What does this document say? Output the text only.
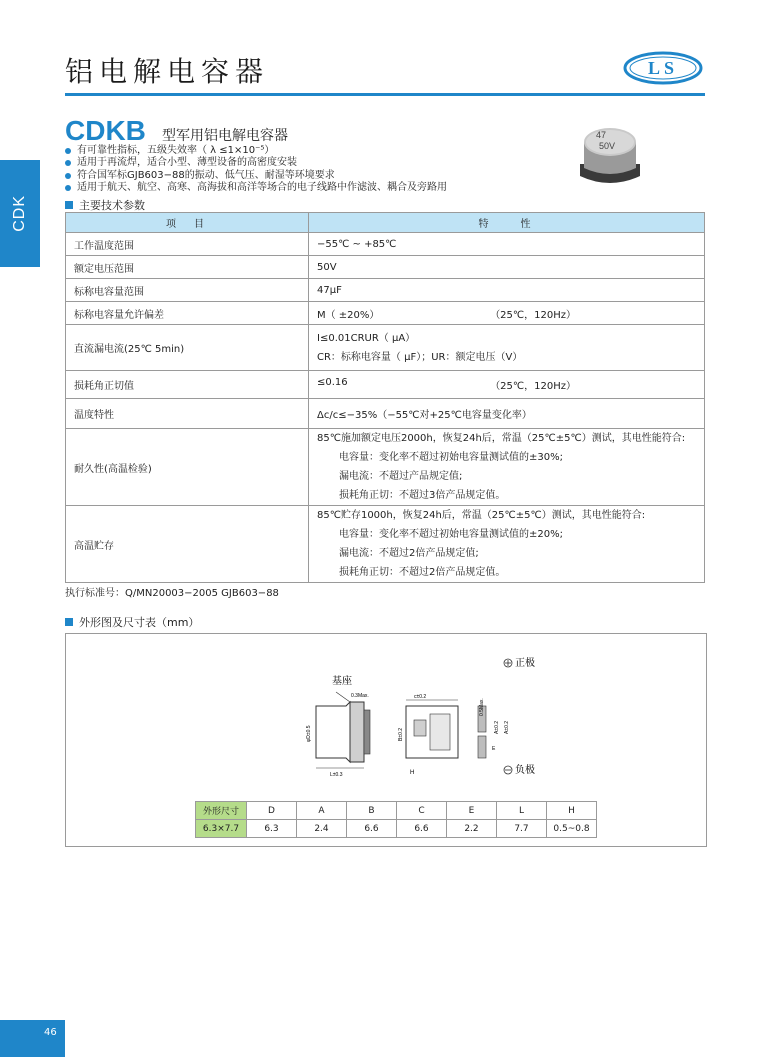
CDK
铝电解电容器	LS
CDKB 型军用铝电解电容器
有可靠性指标，五级失效率（ λ ≤1×10⁻⁵）
适用于再流焊，适合小型、薄型设备的高密度安装
符合国军标GJB603−88的振动、低气压、耐湿等环境要求
适用于航天、航空、高寒、高海拔和高洋等场合的电子线路中作滤波、耦合及旁路用
47
50V
主要技术参数
项　目	特　　性
工作温度范围	−55℃ ~ +85℃
额定电压范围	50V
标称电容量范围	47μF
标称电容量允许偏差	M（ ±20%） （25℃，120Hz）

直流漏电流(25℃ 5min)	I≤0.01CRUR（ μA）
CR：标称电容量（ μF）；UR：额定电压（V）

损耗角正切值	≤0.16 （25℃，120Hz）

温度特性	Δc/c≤−35%（−55℃对+25℃电容量变化率）
耐久性(高温检验)	85℃施加额定电压2000h，恢复24h后，常温（25℃±5℃）测试，其电性能符合:
电容量：变化率不超过初始电容量测试值的±30%;
漏电流：不超过产品规定值;
损耗角正切：不超过3倍产品规定值。

高温贮存	85℃贮存1000h，恢复24h后，常温（25℃±5℃）测试，其电性能符合:
电容量：变化率不超过初始电容量测试值的±20%;
漏电流：不超过2倍产品规定值;
损耗角正切：不超过2倍产品规定值。
执行标准号：Q/MN20003−2005 GJB603−88
外形图及尺寸表（mm）
基座
0.3Max.
L±0.3
φD±0.5
c±0.2
B±0.2
H
A±0.2 A±0.2
0.5Max.
E
正极
负极
外形尺寸	D	A	B	C	E	L	H
6.3×7.7	6.3	2.4	6.6	6.6	2.2	7.7	0.5~0.8
46
